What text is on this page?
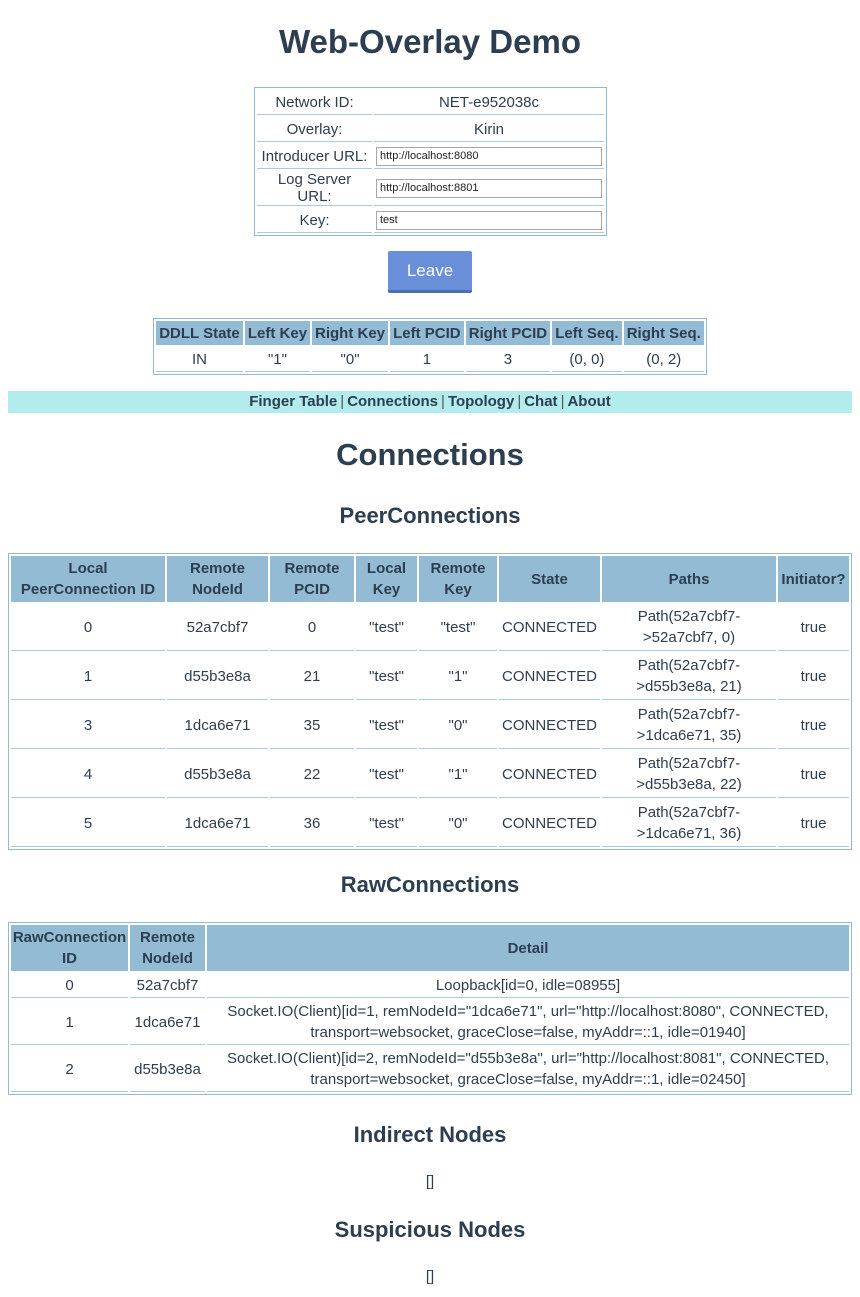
Web-Overlay Demo
Network ID:	NET-e952038c
Overlay:	Kirin
Introducer URL:	http://localhost:8080
Log Server URL:	http://localhost:8801
Key:	test
Leave
DDLL State	Left Key	Right Key	Left PCID	Right PCID	Left Seq.	Right Seq.
IN	"1"	"0"	1	3	(0, 0)	(0, 2)
Finger Table | Connections | Topology | Chat | About
Connections
PeerConnections
Local PeerConnection ID	Remote NodeId	Remote PCID	Local Key	Remote Key	State	Paths	Initiator?
0	52a7cbf7	0	"test"	"test"	CONNECTED	Path(52a7cbf7->52a7cbf7, 0)	true
1	d55b3e8a	21	"test"	"1"	CONNECTED	Path(52a7cbf7->d55b3e8a, 21)	true
3	1dca6e71	35	"test"	"0"	CONNECTED	Path(52a7cbf7->1dca6e71, 35)	true
4	d55b3e8a	22	"test"	"1"	CONNECTED	Path(52a7cbf7->d55b3e8a, 22)	true
5	1dca6e71	36	"test"	"0"	CONNECTED	Path(52a7cbf7->1dca6e71, 36)	true
RawConnections
RawConnection ID	Remote NodeId	Detail
0	52a7cbf7	Loopback[id=0, idle=08955]
1	1dca6e71	Socket.IO(Client)[id=1, remNodeId="1dca6e71", url="http://localhost:8080", CONNECTED, transport=websocket, graceClose=false, myAddr=::1, idle=01940]
2	d55b3e8a	Socket.IO(Client)[id=2, remNodeId="d55b3e8a", url="http://localhost:8081", CONNECTED, transport=websocket, graceClose=false, myAddr=::1, idle=02450]
Indirect Nodes
[]
Suspicious Nodes
[]
